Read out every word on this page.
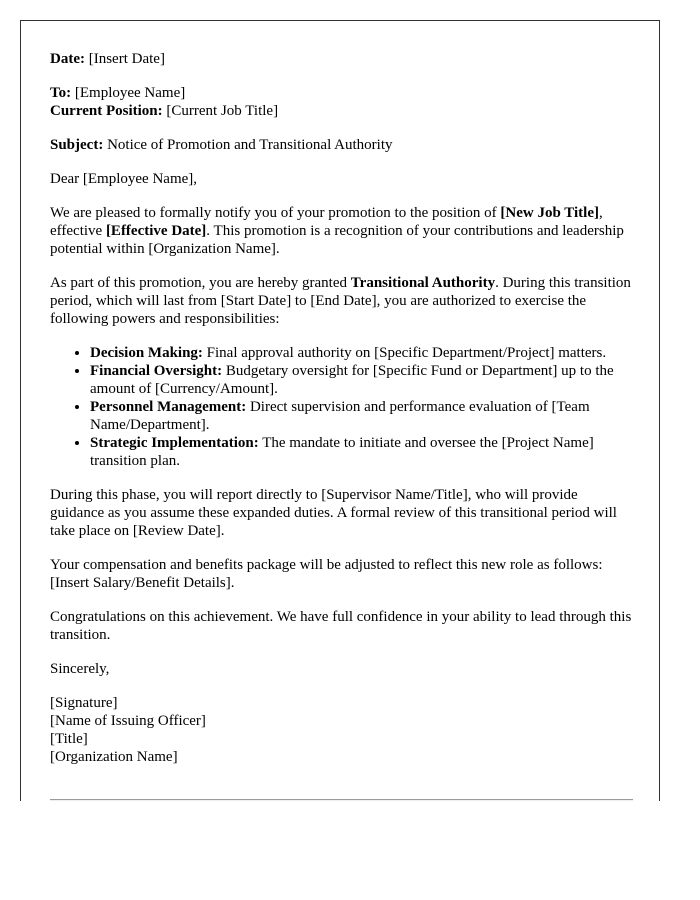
Date: [Insert Date]

To: [Employee Name]

Current Position: [Current Job Title]

Subject: Notice of Promotion and Transitional Authority

Dear [Employee Name],

We are pleased to formally notify you of your promotion to the position of [New Job Title], effective [Effective Date]. This promotion is a recognition of your contributions and leadership potential within [Organization Name].

As part of this promotion, you are hereby granted Transitional Authority. During this transition period, which will last from [Start Date] to [End Date], you are authorized to exercise the following powers and responsibilities:

• Decision Making: Final approval authority on [Specific Department/Project] matters.
• Financial Oversight: Budgetary oversight for [Specific Fund or Department] up to the amount of [Currency/Amount].
• Personnel Management: Direct supervision and performance evaluation of [Team Name/Department].
• Strategic Implementation: The mandate to initiate and oversee the [Project Name] transition plan.

During this phase, you will report directly to [Supervisor Name/Title], who will provide guidance as you assume these expanded duties. A formal review of this transitional period will take place on [Review Date].

Your compensation and benefits package will be adjusted to reflect this new role as follows: [Insert Salary/Benefit Details].

Congratulations on this achievement. We have full confidence in your ability to lead through this transition.

Sincerely,

[Signature]

[Name of Issuing Officer]

[Title]

[Organization Name]
